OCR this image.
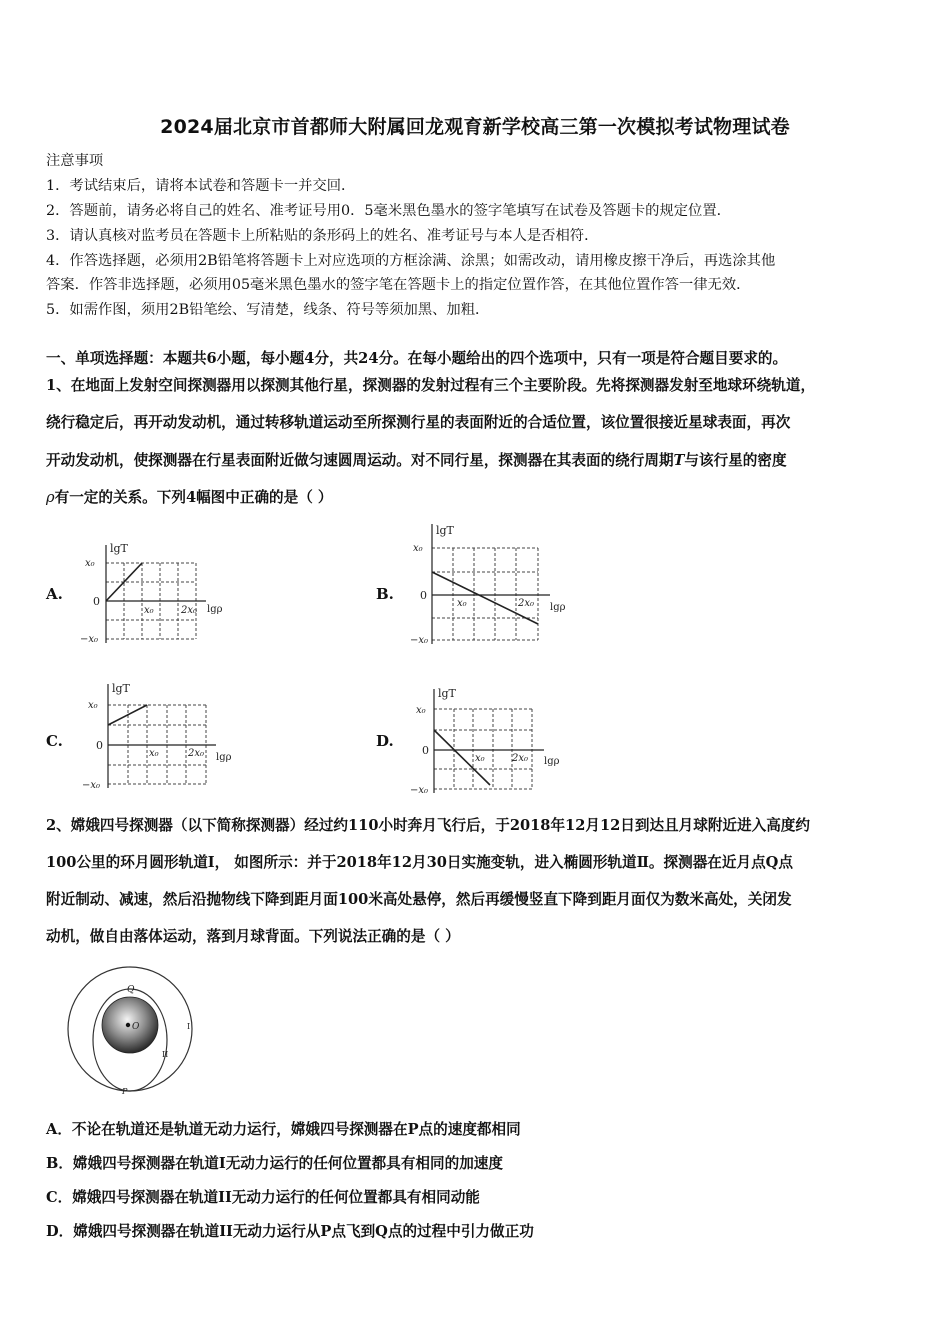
2024届北京市首都师大附属回龙观育新学校高三第一次模拟考试物理试卷
注意事项
1．考试结束后，请将本试卷和答题卡一并交回．
2．答题前，请务必将自己的姓名、准考证号用0．5毫米黑色墨水的签字笔填写在试卷及答题卡的规定位置．
3．请认真核对监考员在答题卡上所粘贴的条形码上的姓名、准考证号与本人是否相符．
4．作答选择题，必须用2B铅笔将答题卡上对应选项的方框涂满、涂黑；如需改动，请用橡皮擦干净后，再选涂其他
答案．作答非选择题，必须用05毫米黑色墨水的签字笔在答题卡上的指定位置作答，在其他位置作答一律无效．
5．如需作图，须用2B铅笔绘、写清楚，线条、符号等须加黑、加粗．
一、单项选择题：本题共6小题，每小题4分，共24分。在每小题给出的四个选项中，只有一项是符合题目要求的。
1、在地面上发射空间探测器用以探测其他行星，探测器的发射过程有三个主要阶段。先将探测器发射至地球环绕轨道，
绕行稳定后，再开动发动机，通过转移轨道运动至所探测行星的表面附近的合适位置，该位置很接近星球表面，再次
开动发动机，使探测器在行星表面附近做匀速圆周运动。对不同行星，探测器在其表面的绕行周期T与该行星的密度
ρ有一定的关系。下列4幅图中正确的是（ ）
A.	B.
C.	D.
lgT
x₀
0
−x₀
x₀	2x₀ lgρ
lgT
x₀
0
−x₀
x₀	2x₀ lgρ
lgT
x₀
0
−x₀
x₀	2x₀ lgρ
lgT
x₀
0
−x₀
x₀	2x₀ lgρ
2、嫦娥四号探测器（以下简称探测器）经过约110小时奔月飞行后，于2018年12月12日到达且月球附近进入高度约
100公里的环月圆形轨道Ⅰ， 如图所示：并于2018年12月30日实施变轨，进入椭圆形轨道Ⅱ。探测器在近月点Q点
附近制动、减速，然后沿抛物线下降到距月面100米高处悬停，然后再缓慢竖直下降到距月面仅为数米高处，关闭发
动机，做自由落体运动，落到月球背面。下列说法正确的是（ ）
O
Q
P
I
II
A．不论在轨道还是轨道无动力运行，嫦娥四号探测器在P点的速度都相同
B．嫦娥四号探测器在轨道I无动力运行的任何位置都具有相同的加速度
C．嫦娥四号探测器在轨道II无动力运行的任何位置都具有相同动能
D．嫦娥四号探测器在轨道II无动力运行从P点飞到Q点的过程中引力做正功
